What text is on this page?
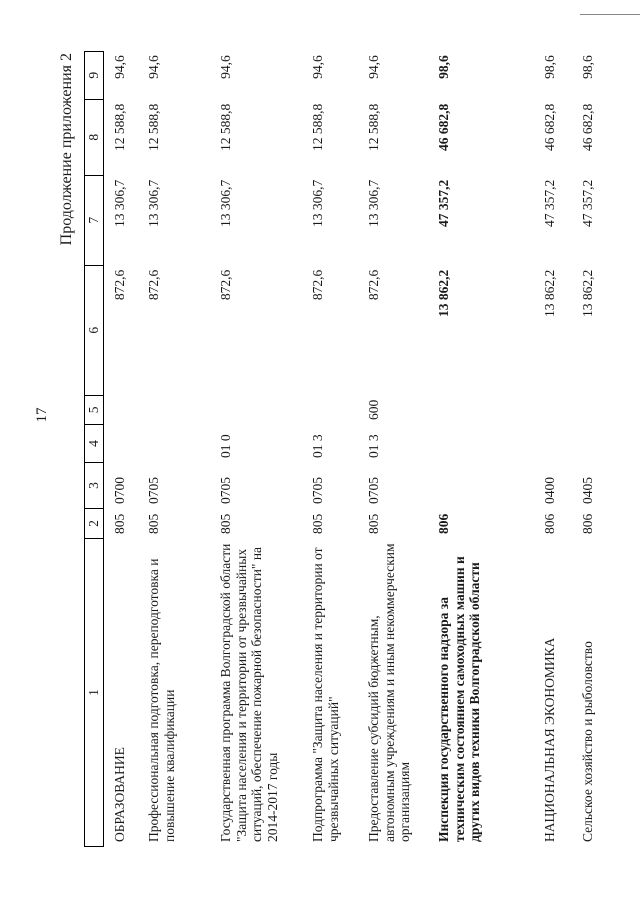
17
Продолжение приложения 2
1	2	3	4	5	6	7	8	9

ОБРАЗОВАНИЕ	805	0700			872,6	13 306,7	12 588,8	94,6

Профессиональная подготовка, переподготовка и повышение квалификации	805	0705			872,6	13 306,7	12 588,8	94,6

Государственная программа Волгоградской области "Защита населения и территории от чрезвычайных ситуаций, обеспечение пожарной безопасности" на 2014-2017 годы	805	0705	01 0		872,6	13 306,7	12 588,8	94,6

Подпрограмма "Защита населения и территории от чрезвычайных ситуаций"	805	0705	01 3		872,6	13 306,7	12 588,8	94,6

Предоставление субсидий бюджетным, автономным учреждениям и иным некоммерческим организациям	805	0705	01 3	600	872,6	13 306,7	12 588,8	94,6

Инспекция государственного надзора за техническим состоянием самоходных машин и других видов техники Волгоградской области	806				13 862,2	47 357,2	46 682,8	98,6

НАЦИОНАЛЬНАЯ ЭКОНОМИКА	806	0400			13 862,2	47 357,2	46 682,8	98,6

Сельское хозяйство и рыболовство	806	0405			13 862,2	47 357,2	46 682,8	98,6
